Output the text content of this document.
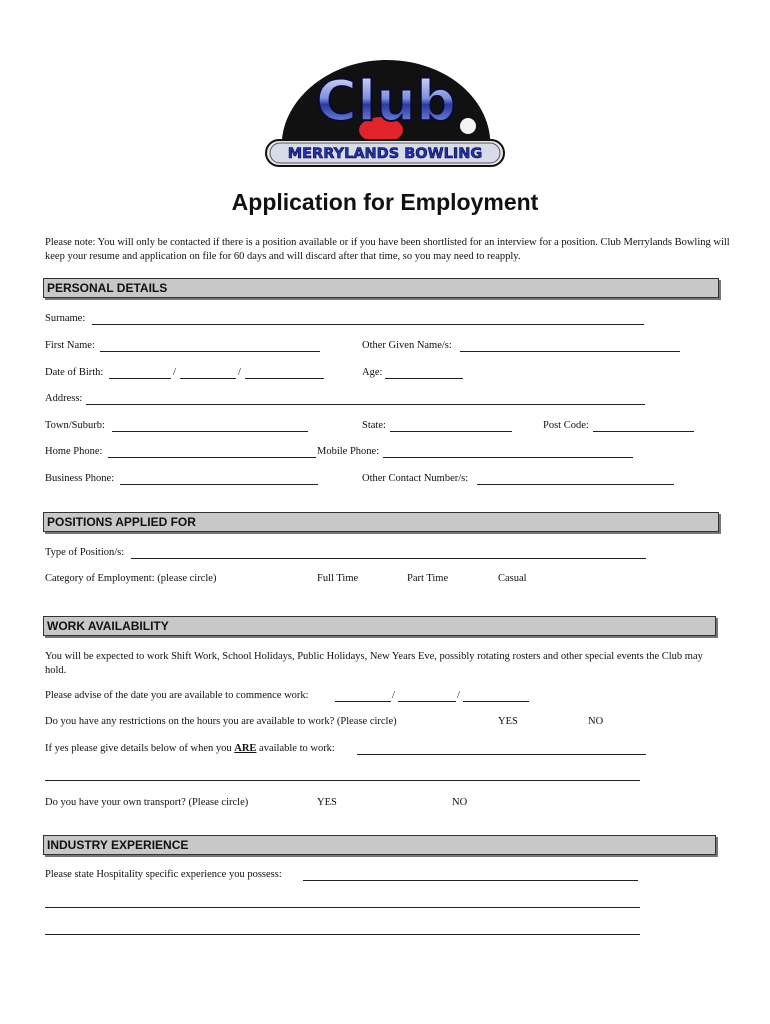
Club
MERRYLANDS BOWLING
Application for Employment
Please note: You will only be contacted if there is a position available or if you have been shortlisted for an interview for a position. Club Merrylands Bowling will keep your resume and application on file for 60 days and will discard after that time, so you may need to reapply.
PERSONAL DETAILS
Surname:
First Name:	Other Given Name/s:
Date of Birth:	/	/	Age:
Address:
Town/Suburb:	State:	Post Code:
Home Phone:	Mobile Phone:
Business Phone:	Other Contact Number/s:
POSITIONS APPLIED FOR
Type of Position/s:
Category of Employment: (please circle)	Full Time	Part Time	Casual
WORK AVAILABILITY
You will be expected to work Shift Work, School Holidays, Public Holidays, New Years Eve, possibly rotating rosters and other special events the Club may hold.
Please advise of the date you are available to commence work:	/	/
Do you have any restrictions on the hours you are available to work? (Please circle)	YES	NO
If yes please give details below of when you ARE available to work:
Do you have your own transport? (Please circle)	YES	NO
INDUSTRY EXPERIENCE
Please state Hospitality specific experience you possess:
